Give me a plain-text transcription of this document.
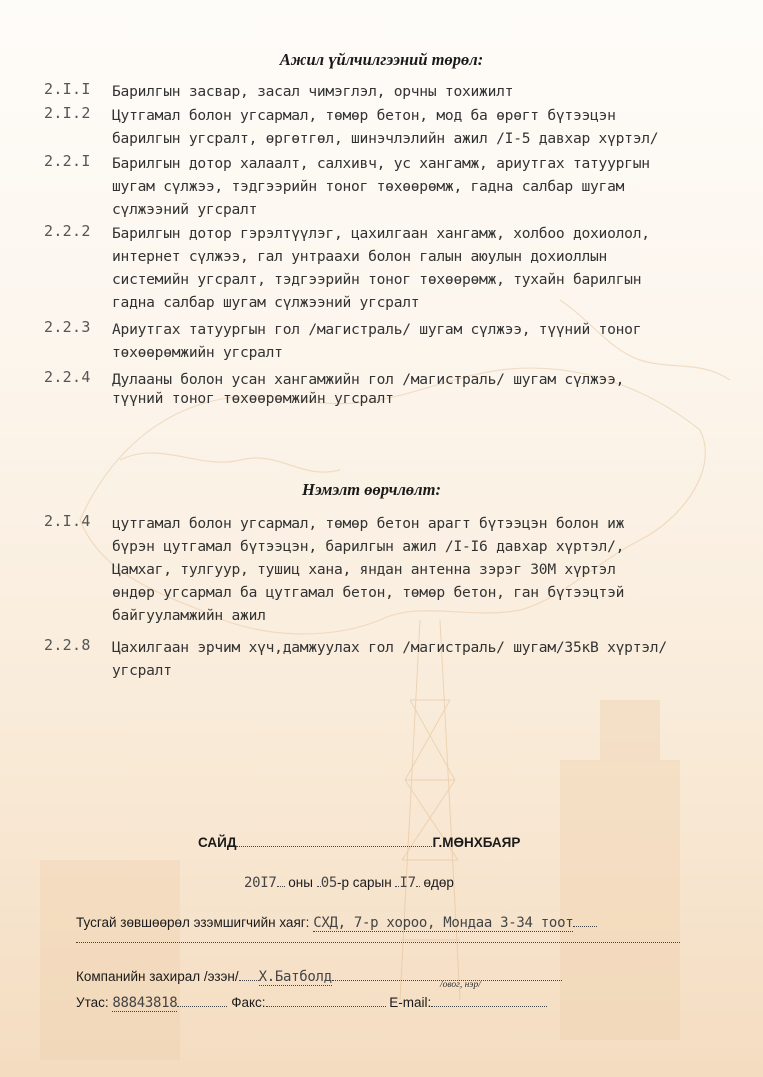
Ажил үйлчилгээний төрөл:
2.I.I Барилгын засвар, засал чимэглэл, орчны тохижилт
2.I.2 Цутгамал болон угсармал, төмөр бетон, мод ба өрөгт бүтээцэн
барилгын угсралт, өргөтгөл, шинэчлэлийн ажил /I-5 давхар хүртэл/
2.2.I Барилгын дотор халаалт, салхивч, ус хангамж, ариутгах татуургын
шугам сүлжээ, тэдгээрийн тоног төхөөрөмж, гадна салбар шугам
сүлжээний угсралт
2.2.2 Барилгын дотор гэрэлтүүлэг, цахилгаан хангамж, холбоо дохиолол,
интернет сүлжээ, гал унтраахи болон галын аюулын дохиоллын
системийн угсралт, тэдгээрийн тоног төхөөрөмж, тухайн барилгын
гадна салбар шугам сүлжээний угсралт
2.2.3 Ариутгах татуургын гол /магистраль/ шугам сүлжээ, түүний тоног
төхөөрөмжийн угсралт
2.2.4 Дулааны болон усан хангамжийн гол /магистраль/ шугам сүлжээ,
түүний тоног төхөөрөмжийн угсралт
Нэмэлт өөрчлөлт:
2.I.4 цутгамал болон угсармал, төмөр бетон арагт бүтээцэн болон иж
бүрэн цутгамал бүтээцэн, барилгын ажил /I-I6 давхар хүртэл/,
Цамхаг, тулгуур, тушиц хана, яндан антенна зэрэг 30М хүртэл
өндөр угсармал ба цутгамал бетон, төмөр бетон, ган бүтээцтэй
байгууламжийн ажил
2.2.8 Цахилгаан эрчим хүч,дамжуулах гол /магистраль/ шугам/35кВ хүртэл/
угсралт
САЙД	Г.МӨНХБАЯР
20I7 оны 05-р сарын I7 өдөр
Тусгай зөвшөөрөл эзэмшигчийн хаяг: СХД, 7-р хороо, Мондаа 3-34 тоот
Компанийн захирал /эзэн/ Х.Батболд	/овог, нэр/
Утас: 88843818	Факс:	E-mail:
